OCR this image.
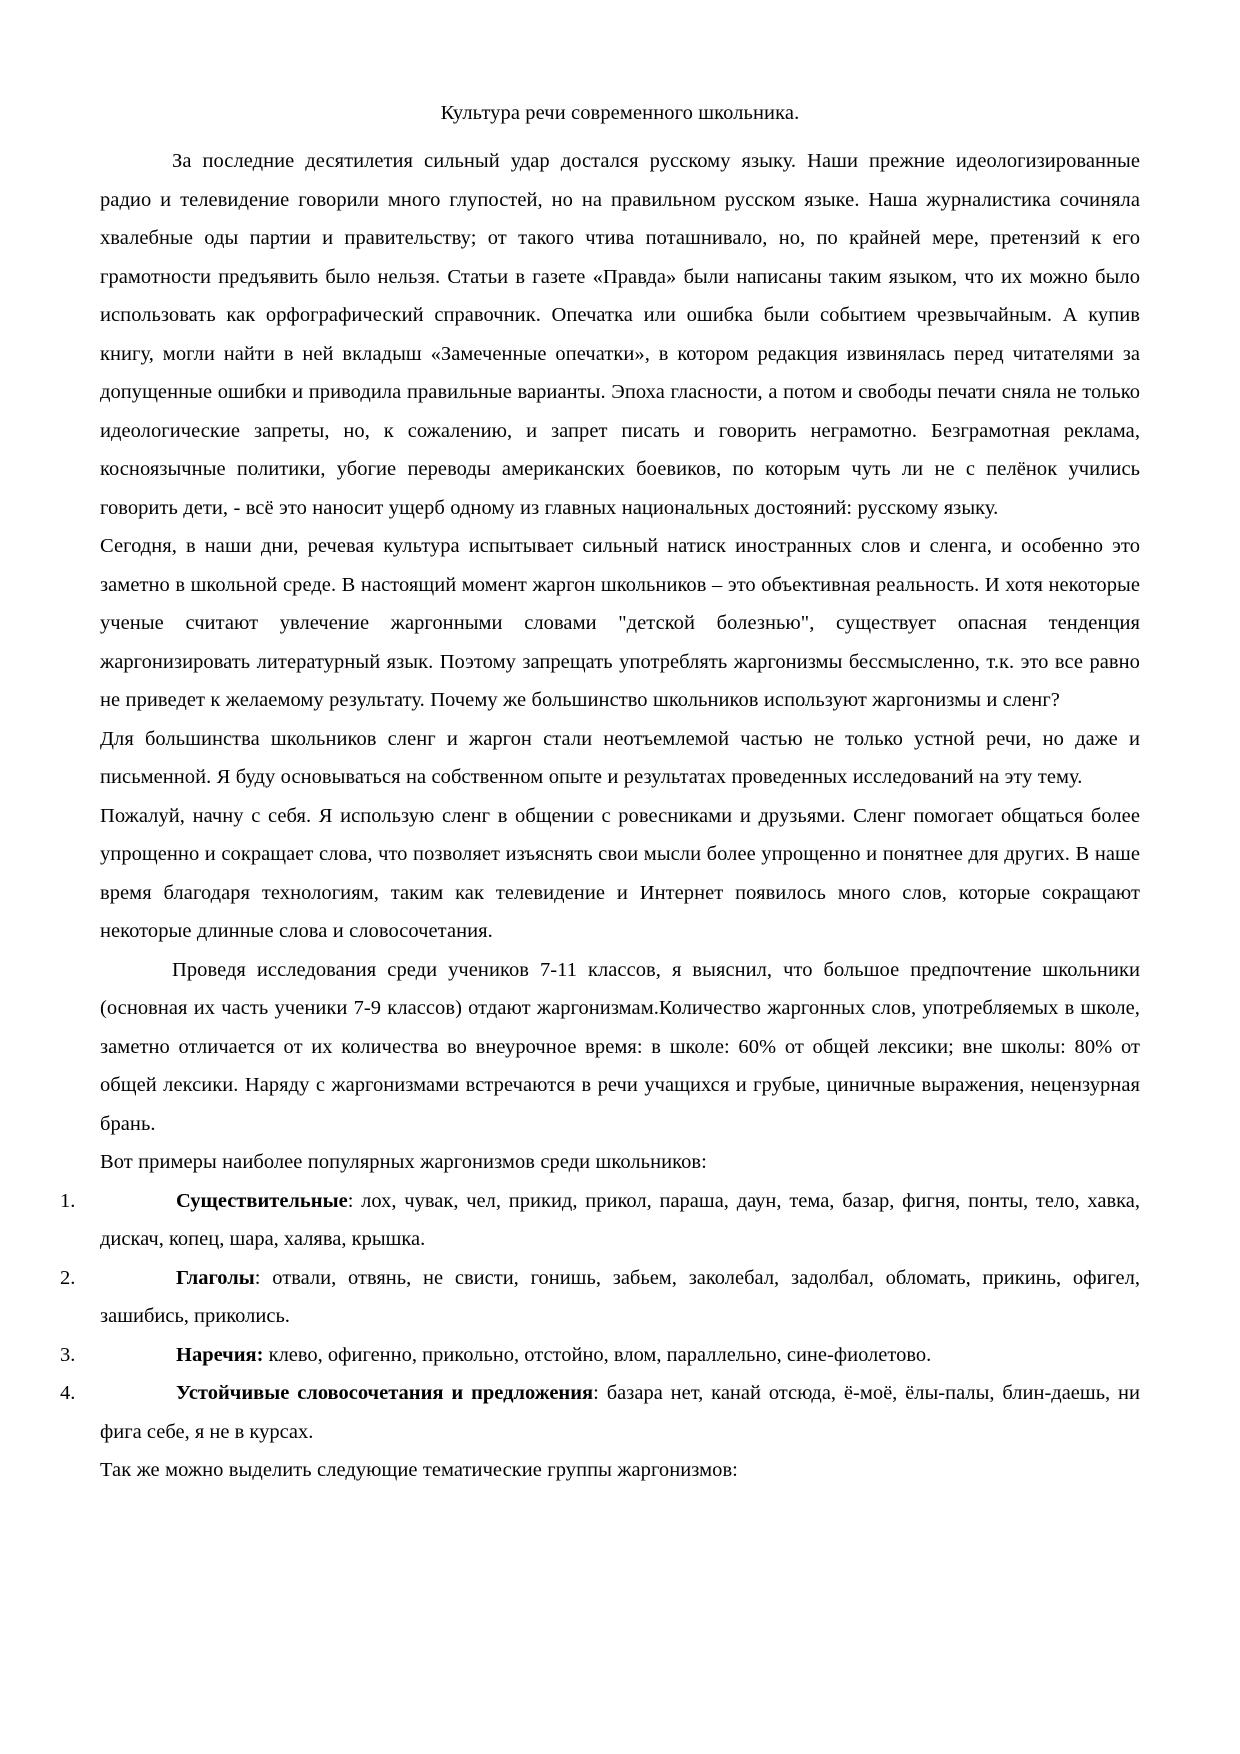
Культура речи современного школьника.

За последние десятилетия сильный удар достался русскому языку. Наши прежние идеологизированные радио и телевидение говорили много глупостей, но на правильном русском языке. Наша журналистика сочиняла хвалебные оды партии и правительству; от такого чтива поташнивало, но, по крайней мере, претензий к его грамотности предъявить было нельзя. Статьи в газете «Правда» были написаны таким языком, что их можно было использовать как орфографический справочник. Опечатка или ошибка были событием чрезвычайным. А купив книгу, могли найти в ней вкладыш «Замеченные опечатки», в котором редакция извинялась перед читателями за допущенные ошибки и приводила правильные варианты. Эпоха гласности, а потом и свободы печати сняла не только идеологические запреты, но, к сожалению, и запрет писать и говорить неграмотно. Безграмотная реклама, косноязычные политики, убогие переводы американских боевиков, по которым чуть ли не с пелёнок учились говорить дети, - всё это наносит ущерб одному из главных национальных достояний: русскому языку.

Сегодня, в наши дни, речевая культура испытывает сильный натиск иностранных слов и сленга, и особенно это заметно в школьной среде. В настоящий момент жаргон школьников – это объективная реальность. И хотя некоторые ученые считают увлечение жаргонными словами "детской болезнью", существует опасная тенденция жаргонизировать литературный язык. Поэтому запрещать употреблять жаргонизмы бессмысленно, т.к. это все равно не приведет к желаемому результату. Почему же большинство школьников используют жаргонизмы и сленг?

Для большинства школьников сленг и жаргон стали неотъемлемой частью не только устной речи, но даже и письменной. Я буду основываться на собственном опыте и результатах проведенных исследований на эту тему.

Пожалуй, начну с себя. Я использую сленг в общении с ровесниками и друзьями. Сленг помогает общаться более упрощенно и сокращает слова, что позволяет изъяснять свои мысли более упрощенно и понятнее для других. В наше время благодаря технологиям, таким как телевидение и Интернет появилось много слов, которые сокращают некоторые длинные слова и словосочетания.

Проведя исследования среди учеников 7-11 классов, я выяснил, что большое предпочтение школьники (основная их часть ученики 7-9 классов) отдают жаргонизмам.Количество жаргонных слов, употребляемых в школе, заметно отличается от их количества во внеурочное время: в школе: 60% от общей лексики; вне школы: 80% от общей лексики. Наряду с жаргонизмами встречаются в речи учащихся и грубые, циничные выражения, нецензурная брань.

Вот примеры наиболее популярных жаргонизмов среди школьников:

1.	Существительные: лох, чувак, чел, прикид, прикол, параша, даун, тема, базар, фигня, понты, тело, хавка, дискач, копец, шара, халява, крышка.
2.	Глаголы: отвали, отвянь, не свисти, гонишь, забьем, заколебал, задолбал, обломать, прикинь, офигел, зашибись, приколись.
3.	Наречия: клево, офигенно, прикольно, отстойно, влом, параллельно, сине-фиолетово.
4.	Устойчивые словосочетания и предложения: базара нет, канай отсюда, ё-моё, ёлы-палы, блин-даешь, ни фига себе, я не в курсах.

Так же можно выделить следующие тематические группы жаргонизмов:
